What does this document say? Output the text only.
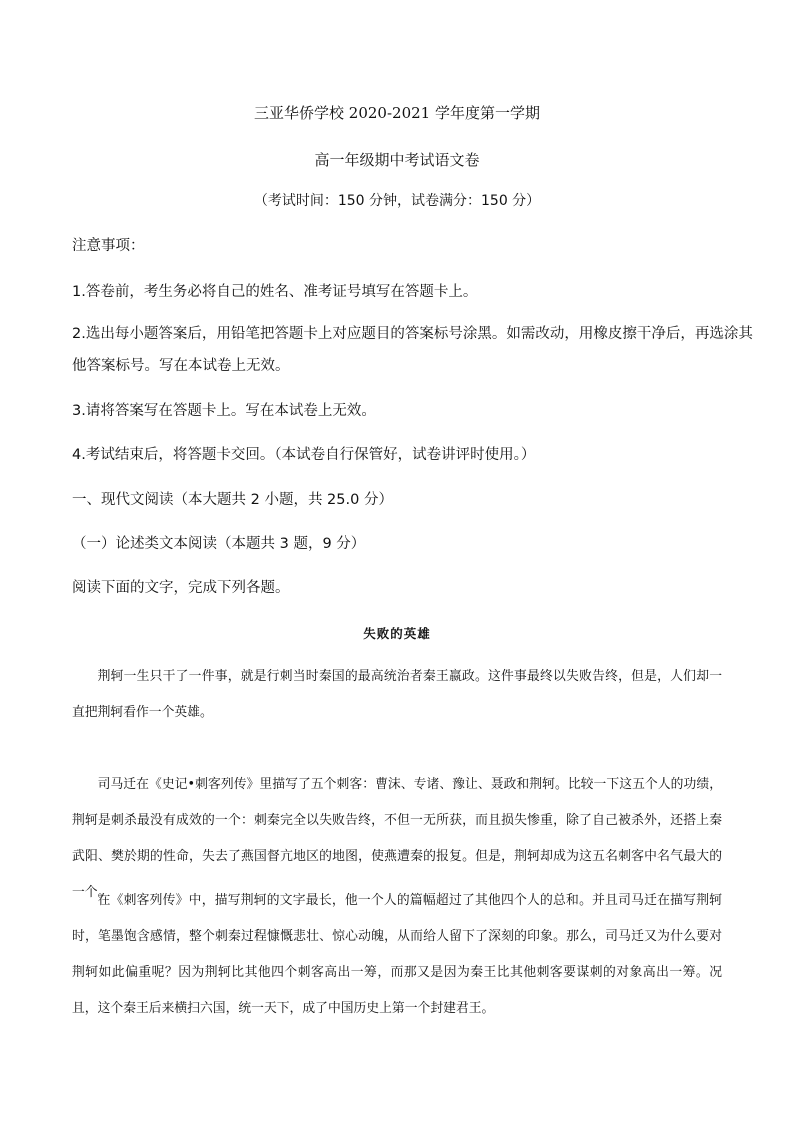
三亚华侨学校 2020-2021 学年度第一学期
高一年级期中考试语文卷
（考试时间：150 分钟，试卷满分：150 分）
注意事项：
1.答卷前，考生务必将自己的姓名、准考证号填写在答题卡上。
2.选出每小题答案后，用铅笔把答题卡上对应题目的答案标号涂黑。如需改动，用橡皮擦干净后，再选涂其
他答案标号。写在本试卷上无效。
3.请将答案写在答题卡上。写在本试卷上无效。
4.考试结束后，将答题卡交回。（本试卷自行保管好，试卷讲评时使用。）
一、现代文阅读（本大题共 2 小题，共 25.0 分）
（一）论述类文本阅读（本题共 3 题，9 分）
阅读下面的文字，完成下列各题。
失败的英雄

荆轲一生只干了一件事，就是行刺当时秦国的最高统治者秦王嬴政。这件事最终以失败告终，但是，人们却一直把荆轲看作一个英雄。

司马迁在《史记•刺客列传》里描写了五个刺客：曹沫、专诸、豫让、聂政和荆轲。比较一下这五个人的功绩，荆轲是刺杀最没有成效的一个：刺秦完全以失败告终，不但一无所获，而且损失惨重，除了自己被杀外，还搭上秦武阳、樊於期的性命，失去了燕国督亢地区的地图，使燕遭秦的报复。但是，荆轲却成为这五名刺客中名气最大的一个。

在《刺客列传》中，描写荆轲的文字最长，他一个人的篇幅超过了其他四个人的总和。并且司马迁在描写荆轲时，笔墨饱含感情，整个刺秦过程慷慨悲壮、惊心动魄，从而给人留下了深刻的印象。那么，司马迁又为什么要对荆轲如此偏重呢？因为荆轲比其他四个刺客高出一筹，而那又是因为秦王比其他刺客要谋刺的对象高出一筹。况且，这个秦王后来横扫六国，统一天下，成了中国历史上第一个封建君王。
